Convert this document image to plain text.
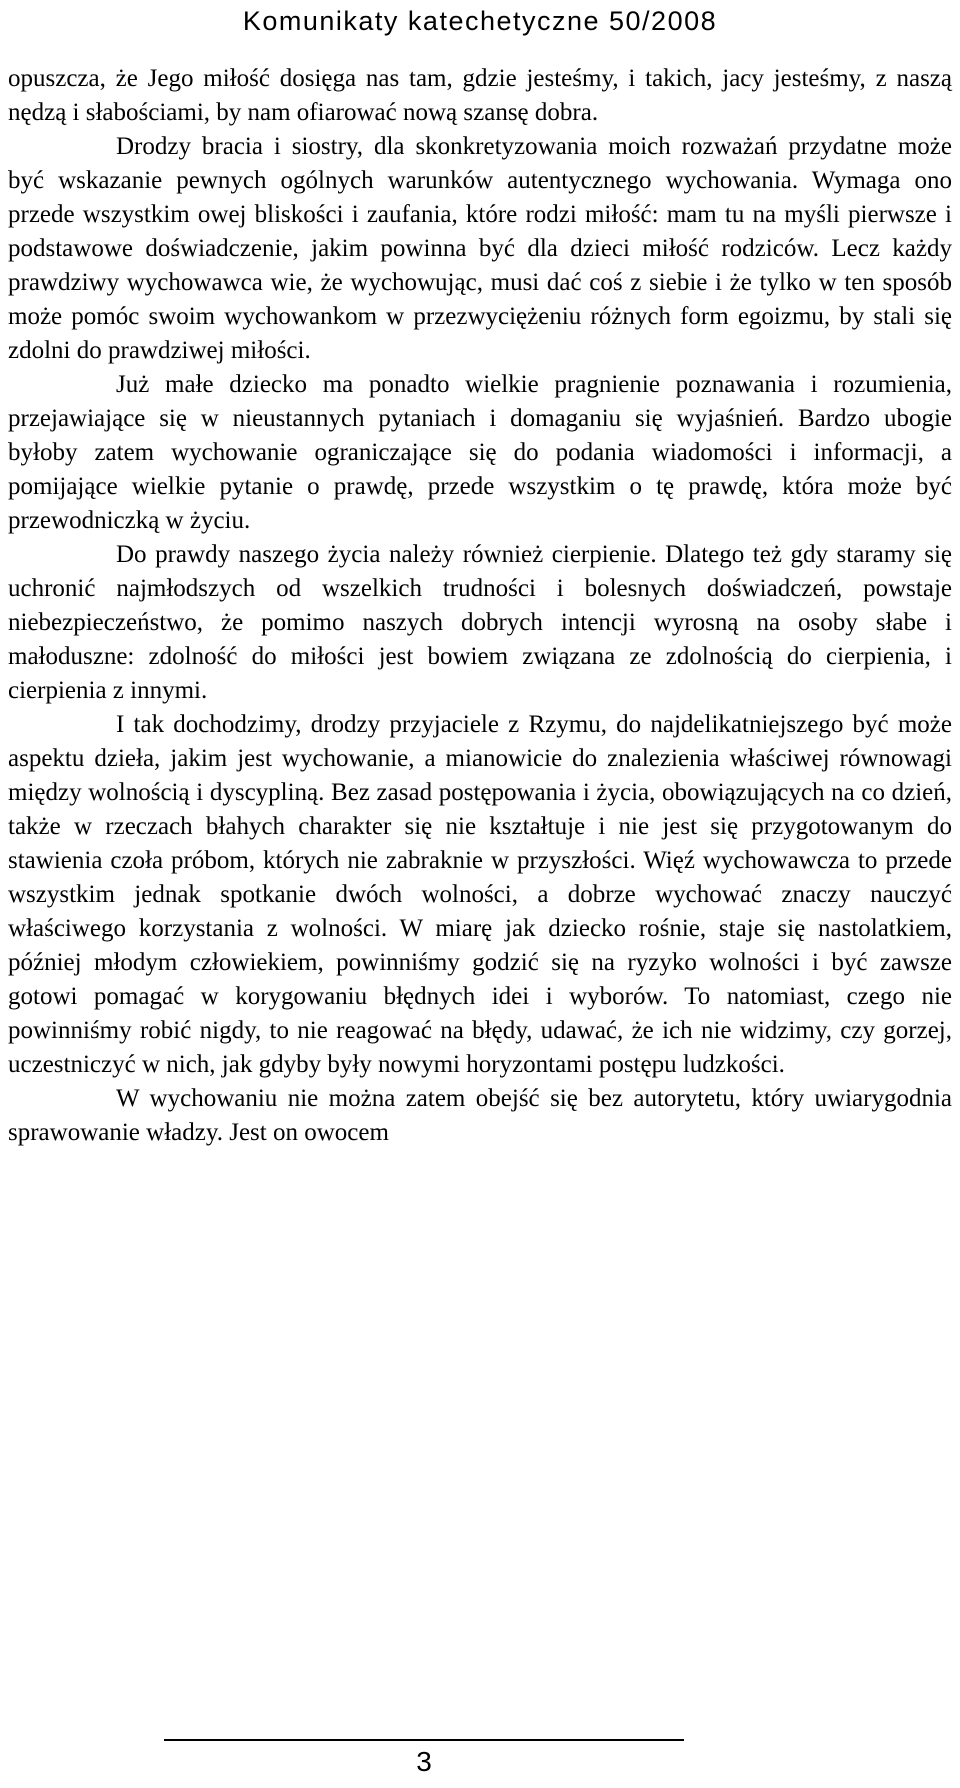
Komunikaty katechetyczne 50/2008

opuszcza, że Jego miłość dosięga nas tam, gdzie jesteśmy, i takich, jacy jesteśmy, z naszą nędzą i słabościami, by nam ofiarować nową szansę dobra.

Drodzy bracia i siostry, dla skonkretyzowania moich rozważań przydatne może być wskazanie pewnych ogólnych warunków autentycznego wychowania. Wymaga ono przede wszystkim owej bliskości i zaufania, które rodzi miłość: mam tu na myśli pierwsze i podstawowe doświadczenie, jakim powinna być dla dzieci miłość rodziców. Lecz każdy prawdziwy wychowawca wie, że wychowując, musi dać coś z siebie i że tylko w ten sposób może pomóc swoim wychowankom w przezwyciężeniu różnych form egoizmu, by stali się zdolni do prawdziwej miłości.

Już małe dziecko ma ponadto wielkie pragnienie poznawania i rozumienia, przejawiające się w nieustannych pytaniach i domaganiu się wyjaśnień. Bardzo ubogie byłoby zatem wychowanie ograniczające się do podania wiadomości i informacji, a pomijające wielkie pytanie o prawdę, przede wszystkim o tę prawdę, która może być przewodniczką w życiu.

Do prawdy naszego życia należy również cierpienie. Dlatego też gdy staramy się uchronić najmłodszych od wszelkich trudności i bolesnych doświadczeń, powstaje niebezpieczeństwo, że pomimo naszych dobrych intencji wyrosną na osoby słabe i małoduszne: zdolność do miłości jest bowiem związana ze zdolnością do cierpienia, i cierpienia z innymi.

I tak dochodzimy, drodzy przyjaciele z Rzymu, do najdelikatniejszego być może aspektu dzieła, jakim jest wychowanie, a mianowicie do znalezienia właściwej równowagi między wolnością i dyscypliną. Bez zasad postępowania i życia, obowiązujących na co dzień, także w rzeczach błahych charakter się nie kształtuje i nie jest się przygotowanym do stawienia czoła próbom, których nie zabraknie w przyszłości. Więź wychowawcza to przede wszystkim jednak spotkanie dwóch wolności, a dobrze wychować znaczy nauczyć właściwego korzystania z wolności. W miarę jak dziecko rośnie, staje się nastolatkiem, później młodym człowiekiem, powinniśmy godzić się na ryzyko wolności i być zawsze gotowi pomagać w korygowaniu błędnych idei i wyborów. To natomiast, czego nie powinniśmy robić nigdy, to nie reagować na błędy, udawać, że ich nie widzimy, czy gorzej, uczestniczyć w nich, jak gdyby były nowymi horyzontami postępu ludzkości.

W wychowaniu nie można zatem obejść się bez autorytetu, który uwiarygodnia sprawowanie władzy. Jest on owocem

3
